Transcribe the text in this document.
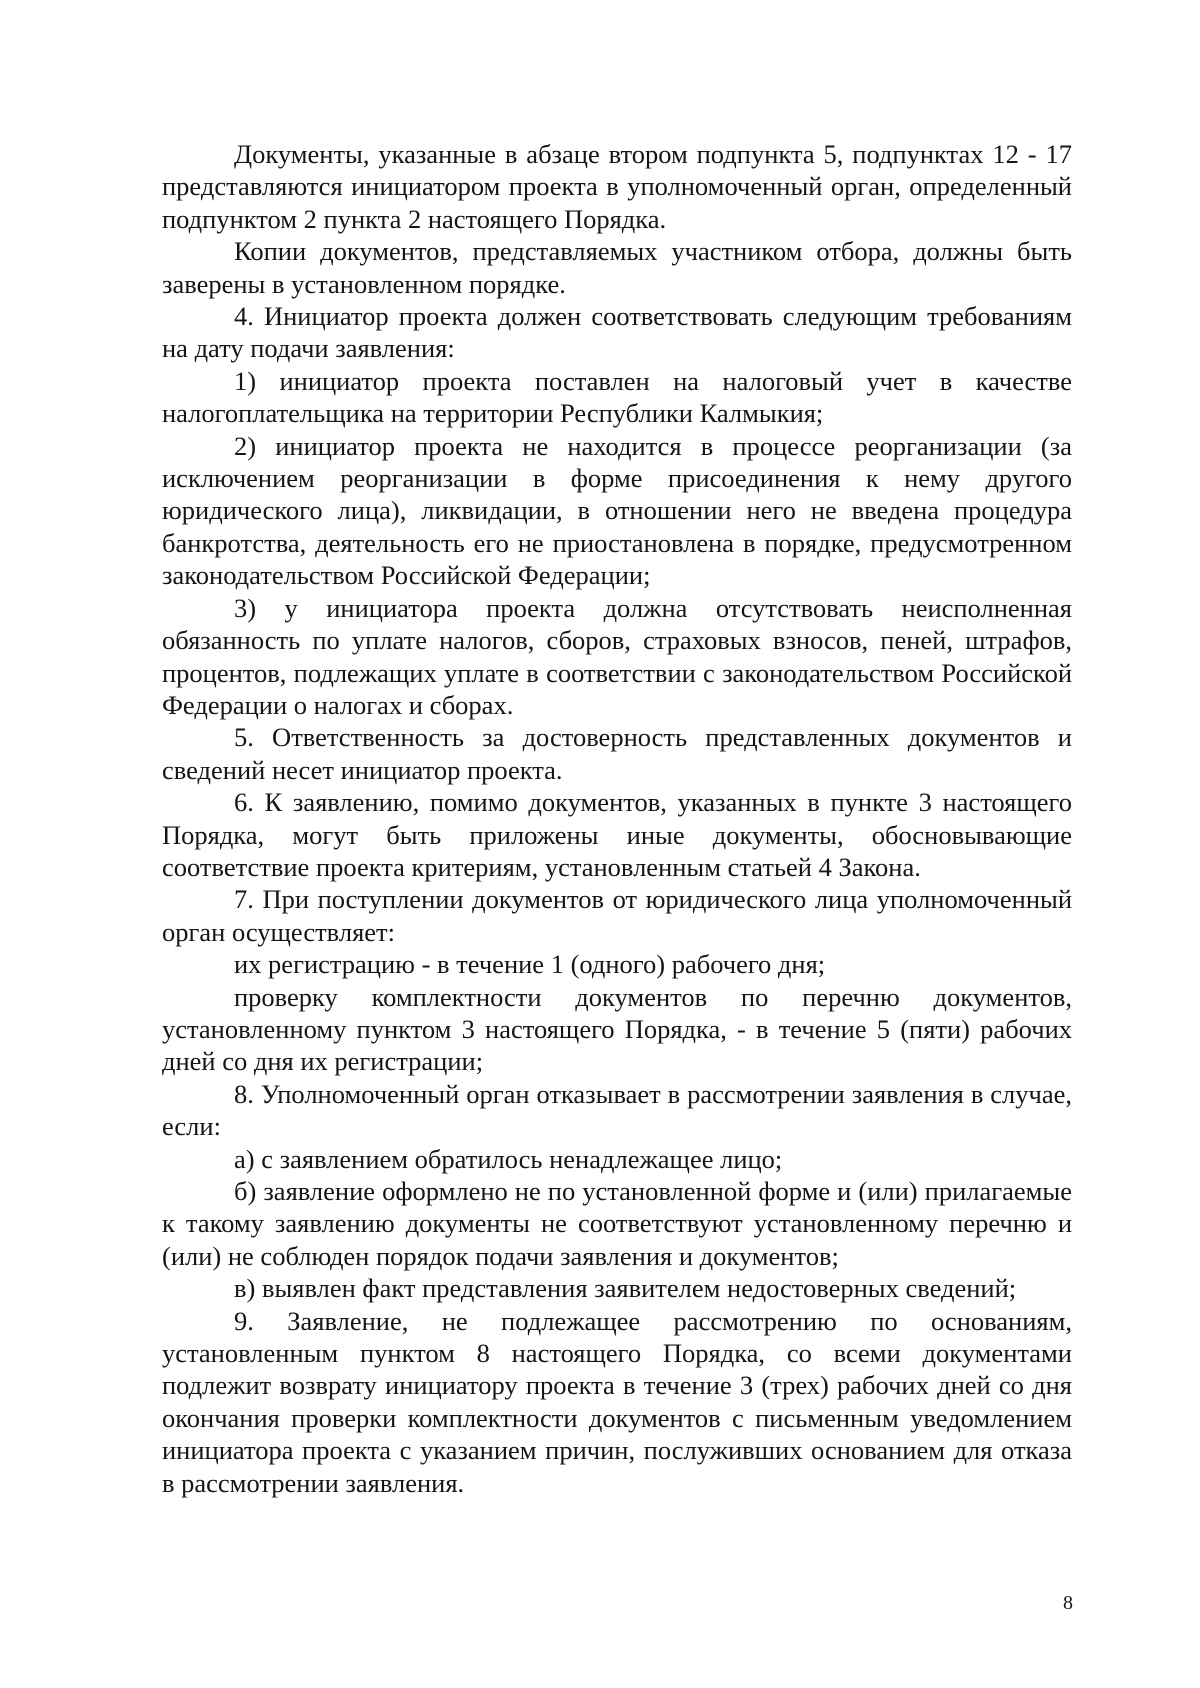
Документы, указанные в абзаце втором подпункта 5, подпунктах 12 - 17 представляются инициатором проекта в уполномоченный орган, определенный подпунктом 2 пункта 2 настоящего Порядка.

Копии документов, представляемых участником отбора, должны быть заверены в установленном порядке.

4. Инициатор проекта должен соответствовать следующим требованиям на дату подачи заявления:

1) инициатор проекта поставлен на налоговый учет в качестве налогоплательщика на территории Республики Калмыкия;

2) инициатор проекта не находится в процессе реорганизации (за исключением реорганизации в форме присоединения к нему другого юридического лица), ликвидации, в отношении него не введена процедура банкротства, деятельность его не приостановлена в порядке, предусмотренном законодательством Российской Федерации;

3) у инициатора проекта должна отсутствовать неисполненная обязанность по уплате налогов, сборов, страховых взносов, пеней, штрафов, процентов, подлежащих уплате в соответствии с законодательством Российской Федерации о налогах и сборах.

5. Ответственность за достоверность представленных документов и сведений несет инициатор проекта.

6. К заявлению, помимо документов, указанных в пункте 3 настоящего Порядка, могут быть приложены иные документы, обосновывающие соответствие проекта критериям, установленным статьей 4 Закона.

7. При поступлении документов от юридического лица уполномоченный орган осуществляет:

их регистрацию - в течение 1 (одного) рабочего дня;

проверку комплектности документов по перечню документов, установленному пунктом 3 настоящего Порядка, - в течение 5 (пяти) рабочих дней со дня их регистрации;

8. Уполномоченный орган отказывает в рассмотрении заявления в случае, если:

а) с заявлением обратилось ненадлежащее лицо;

б) заявление оформлено не по установленной форме и (или) прилагаемые к такому заявлению документы не соответствуют установленному перечню и (или) не соблюден порядок подачи заявления и документов;

в) выявлен факт представления заявителем недостоверных сведений;

9. Заявление, не подлежащее рассмотрению по основаниям, установленным пунктом 8 настоящего Порядка, со всеми документами подлежит возврату инициатору проекта в течение 3 (трех) рабочих дней со дня окончания проверки комплектности документов с письменным уведомлением инициатора проекта с указанием причин, послуживших основанием для отказа в рассмотрении заявления.

8
